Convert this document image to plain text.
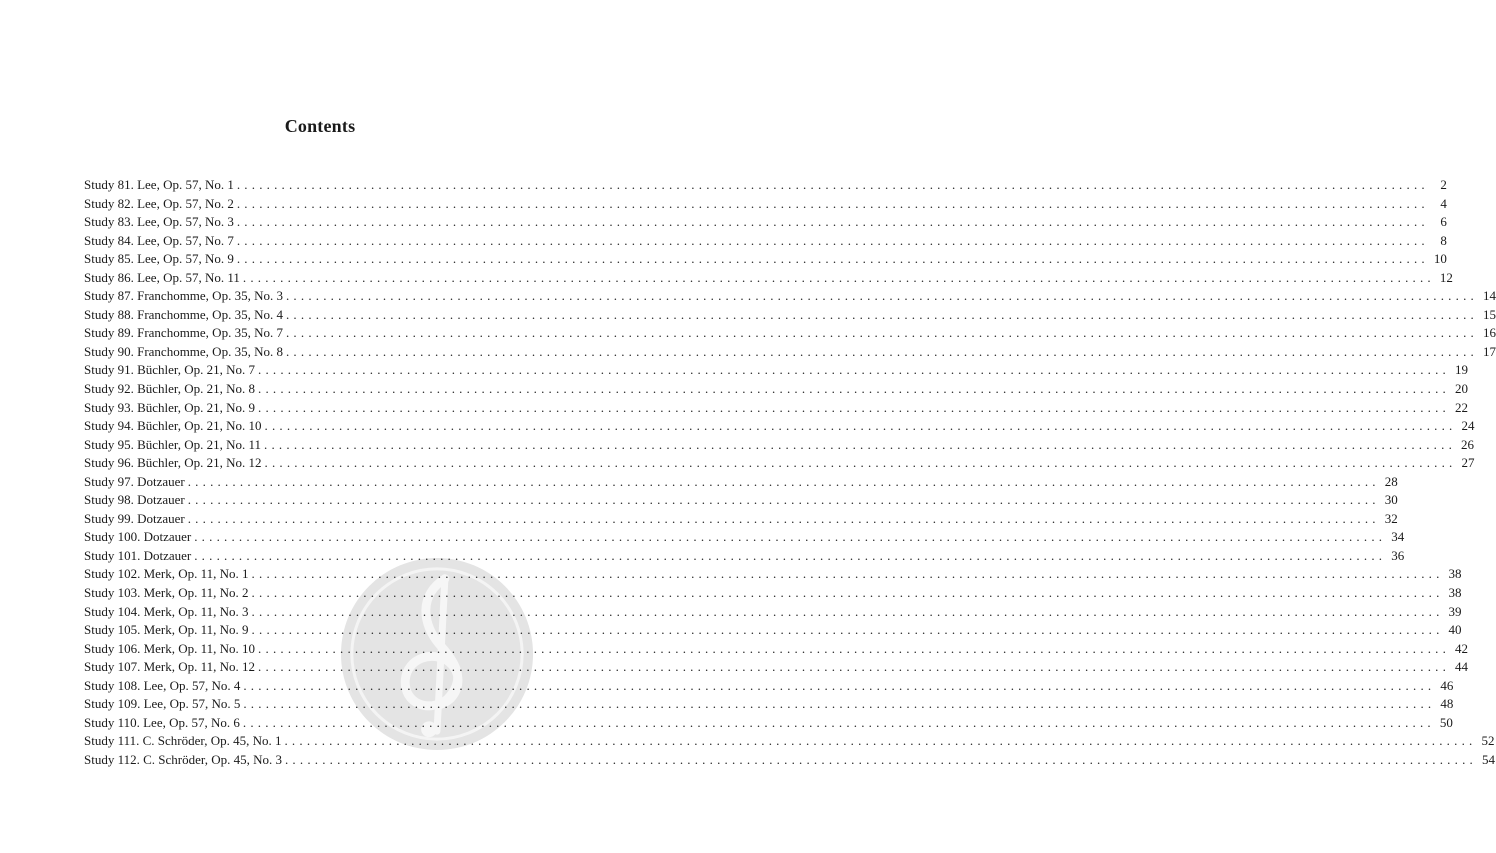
Contents
Study 81. Lee, Op. 57, No. 1 ................................................................................................................................................................ 2
Study 82. Lee, Op. 57, No. 2 ................................................................................................................................................................ 4
Study 83. Lee, Op. 57, No. 3 ................................................................................................................................................................ 6
Study 84. Lee, Op. 57, No. 7 ................................................................................................................................................................ 8
Study 85. Lee, Op. 57, No. 9 ................................................................................................................................................................ 10
Study 86. Lee, Op. 57, No. 11 ................................................................................................................................................................ 12
Study 87. Franchomme, Op. 35, No. 3 ................................................................................................................................................................ 14
Study 88. Franchomme, Op. 35, No. 4 ................................................................................................................................................................ 15
Study 89. Franchomme, Op. 35, No. 7 ................................................................................................................................................................ 16
Study 90. Franchomme, Op. 35, No. 8 ................................................................................................................................................................ 17
Study 91. Büchler, Op. 21, No. 7 ................................................................................................................................................................ 19
Study 92. Büchler, Op. 21, No. 8 ................................................................................................................................................................ 20
Study 93. Büchler, Op. 21, No. 9 ................................................................................................................................................................ 22
Study 94. Büchler, Op. 21, No. 10 ................................................................................................................................................................ 24
Study 95. Büchler, Op. 21, No. 11 ................................................................................................................................................................ 26
Study 96. Büchler, Op. 21, No. 12 ................................................................................................................................................................ 27
Study 97. Dotzauer ................................................................................................................................................................ 28
Study 98. Dotzauer ................................................................................................................................................................ 30
Study 99. Dotzauer ................................................................................................................................................................ 32
Study 100. Dotzauer ................................................................................................................................................................ 34
Study 101. Dotzauer ................................................................................................................................................................ 36
Study 102. Merk, Op. 11, No. 1 ................................................................................................................................................................ 38
Study 103. Merk, Op. 11, No. 2 ................................................................................................................................................................ 38
Study 104. Merk, Op. 11, No. 3 ................................................................................................................................................................ 39
Study 105. Merk, Op. 11, No. 9 ................................................................................................................................................................ 40
Study 106. Merk, Op. 11, No. 10 ................................................................................................................................................................ 42
Study 107. Merk, Op. 11, No. 12 ................................................................................................................................................................ 44
Study 108. Lee, Op. 57, No. 4 ................................................................................................................................................................ 46
Study 109. Lee, Op. 57, No. 5 ................................................................................................................................................................ 48
Study 110. Lee, Op. 57, No. 6 ................................................................................................................................................................ 50
Study 111. C. Schröder, Op. 45, No. 1 ................................................................................................................................................................ 52
Study 112. C. Schröder, Op. 45, No. 3 ................................................................................................................................................................ 54
